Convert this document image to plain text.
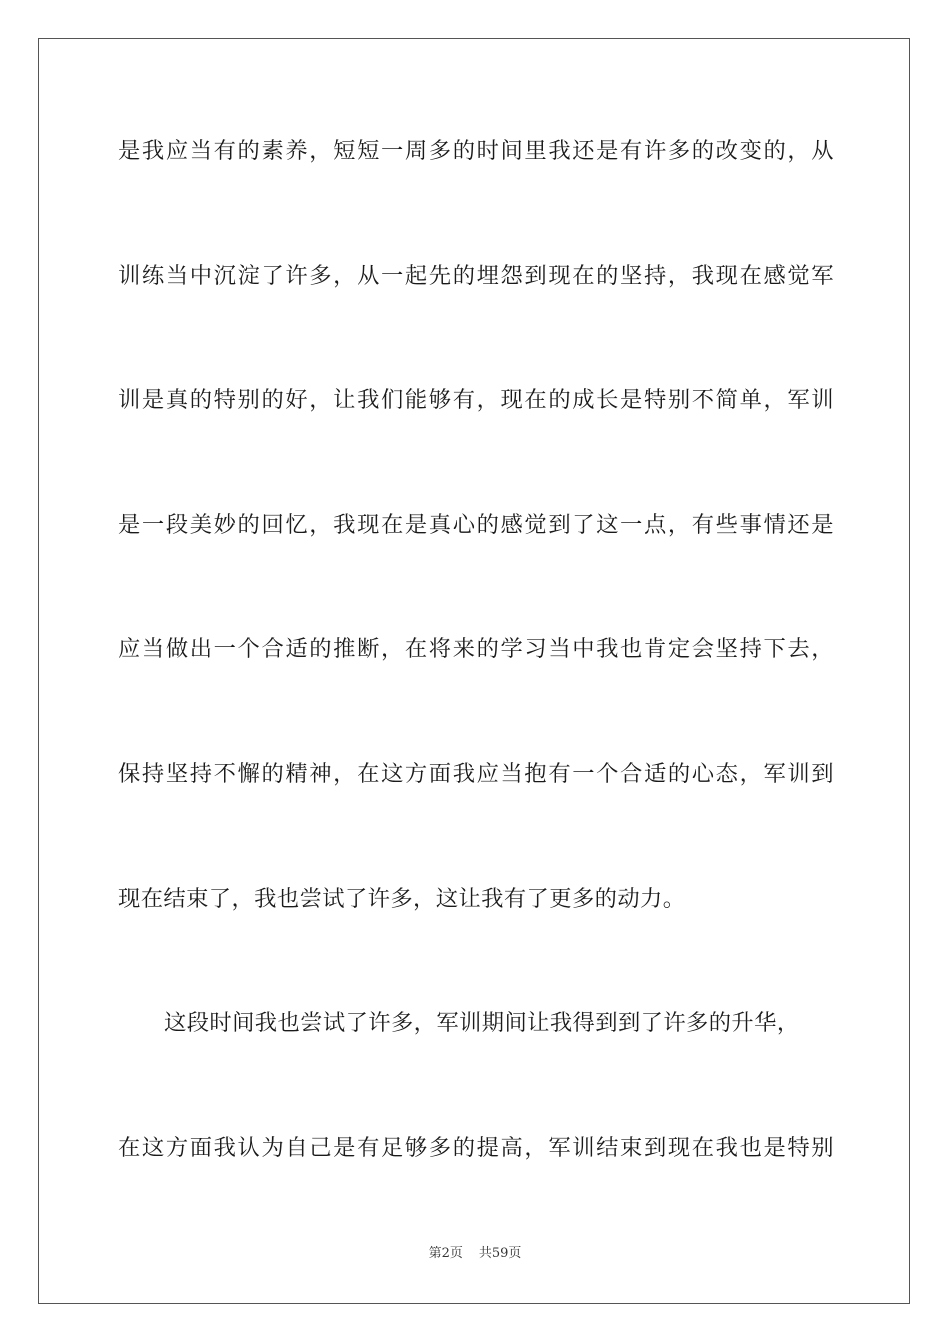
是我应当有的素养，短短一周多的时间里我还是有许多的改变的，从
训练当中沉淀了许多，从一起先的埋怨到现在的坚持，我现在感觉军
训是真的特别的好，让我们能够有，现在的成长是特别不简单，军训
是一段美妙的回忆，我现在是真心的感觉到了这一点，有些事情还是
应当做出一个合适的推断，在将来的学习当中我也肯定会坚持下去，
保持坚持不懈的精神，在这方面我应当抱有一个合适的心态，军训到
现在结束了，我也尝试了许多，这让我有了更多的动力。
这段时间我也尝试了许多，军训期间让我得到到了许多的升华，
在这方面我认为自己是有足够多的提高，军训结束到现在我也是特别
第2页 共59页
